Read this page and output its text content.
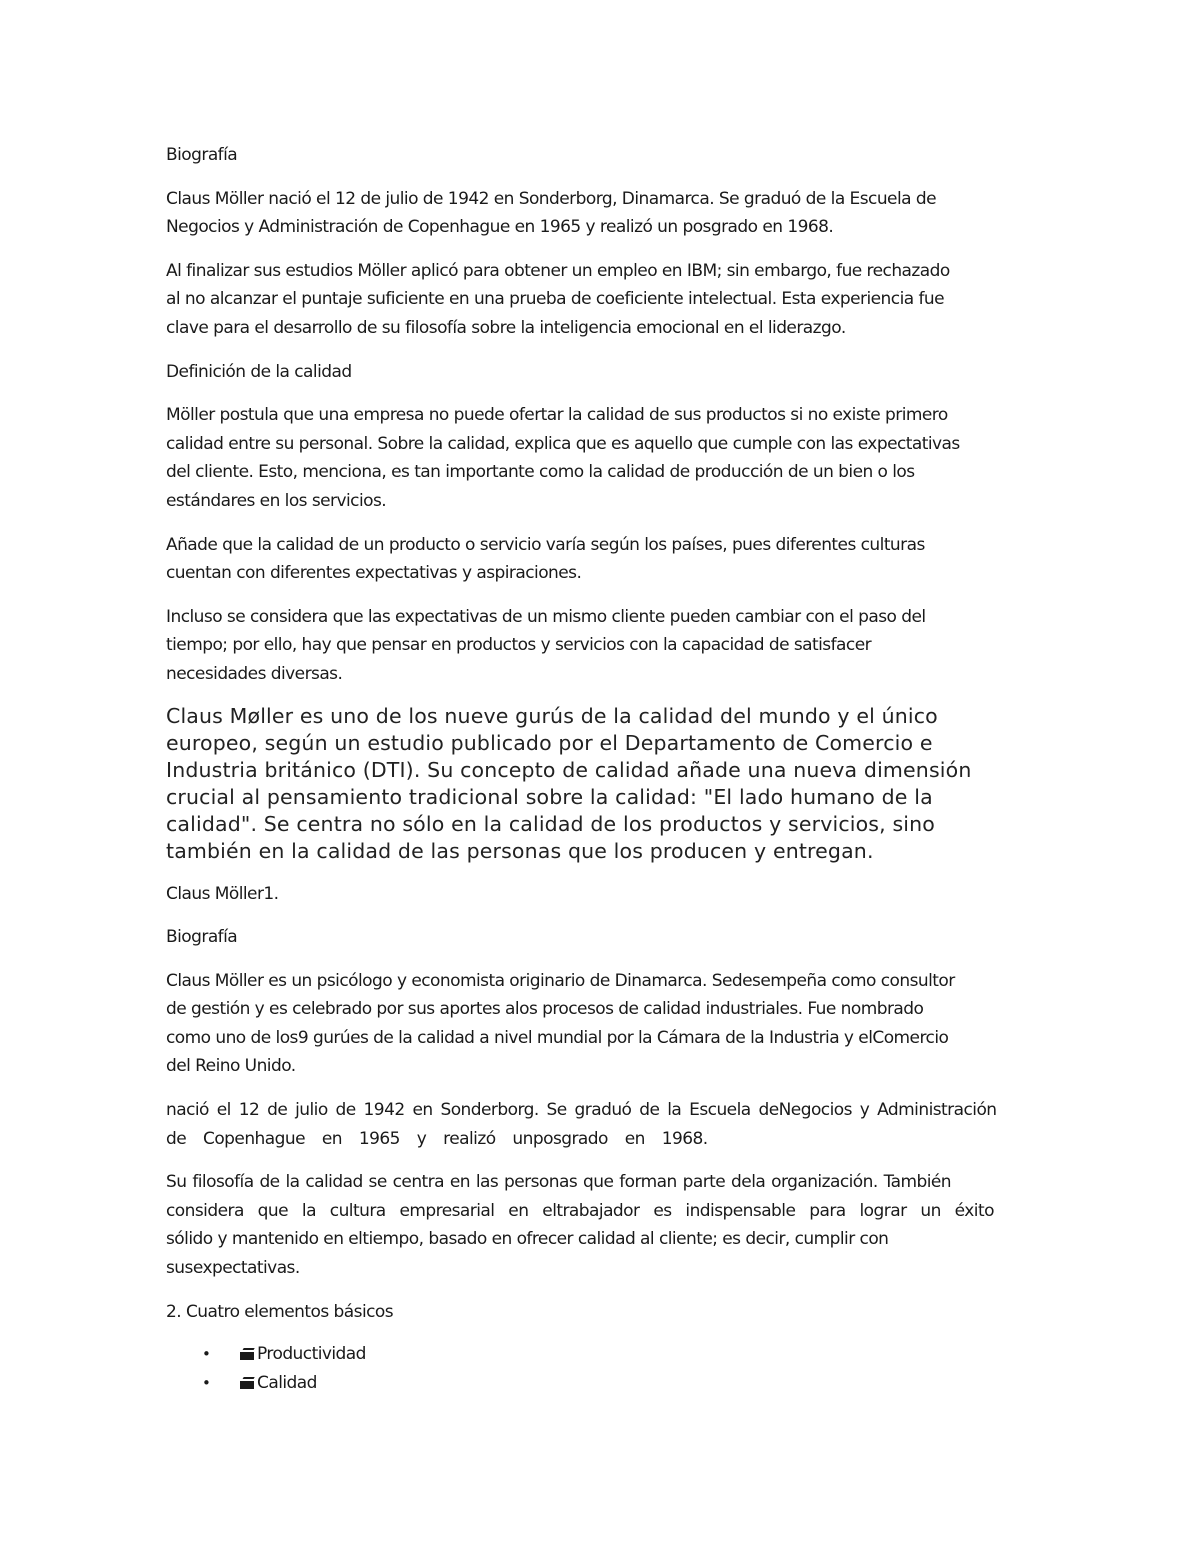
Biografía

Claus Möller nació el 12 de julio de 1942 en Sonderborg, Dinamarca. Se graduó de la Escuela de

Negocios y Administración de Copenhague en 1965 y realizó un posgrado en 1968.

Al finalizar sus estudios Möller aplicó para obtener un empleo en IBM; sin embargo, fue rechazado

al no alcanzar el puntaje suficiente en una prueba de coeficiente intelectual. Esta experiencia fue

clave para el desarrollo de su filosofía sobre la inteligencia emocional en el liderazgo.

Definición de la calidad

Möller postula que una empresa no puede ofertar la calidad de sus productos si no existe primero

calidad entre su personal. Sobre la calidad, explica que es aquello que cumple con las expectativas

del cliente. Esto, menciona, es tan importante como la calidad de producción de un bien o los

estándares en los servicios.

Añade que la calidad de un producto o servicio varía según los países, pues diferentes culturas

cuentan con diferentes expectativas y aspiraciones.

Incluso se considera que las expectativas de un mismo cliente pueden cambiar con el paso del

tiempo; por ello, hay que pensar en productos y servicios con la capacidad de satisfacer

necesidades diversas.

Claus Møller es uno de los nueve gurús de la calidad del mundo y el único

europeo, según un estudio publicado por el Departamento de Comercio e

Industria británico (DTI). Su concepto de calidad añade una nueva dimensión

crucial al pensamiento tradicional sobre la calidad: "El lado humano de la

calidad". Se centra no sólo en la calidad de los productos y servicios, sino

también en la calidad de las personas que los producen y entregan.

Claus Möller1.

Biografía

Claus Möller es un psicólogo y economista originario de Dinamarca. Sedesempeña como consultor

de gestión y es celebrado por sus aportes alos procesos de calidad industriales. Fue nombrado

como uno de los9 gurúes de la calidad a nivel mundial por la Cámara de la Industria y elComercio

del Reino Unido.

nació el 12 de julio de 1942 en Sonderborg. Se graduó de la Escuela deNegocios y Administración

de Copenhague en 1965 y realizó unposgrado en 1968.

Su filosofía de la calidad se centra en las personas que forman parte dela organización. También

considera que la cultura empresarial en eltrabajador es indispensable para lograr un éxito

sólido y mantenido en eltiempo, basado en ofrecer calidad al cliente; es decir, cumplir con

susexpectativas.

2. Cuatro elementos básicos

•	Productividad
•	Calidad
